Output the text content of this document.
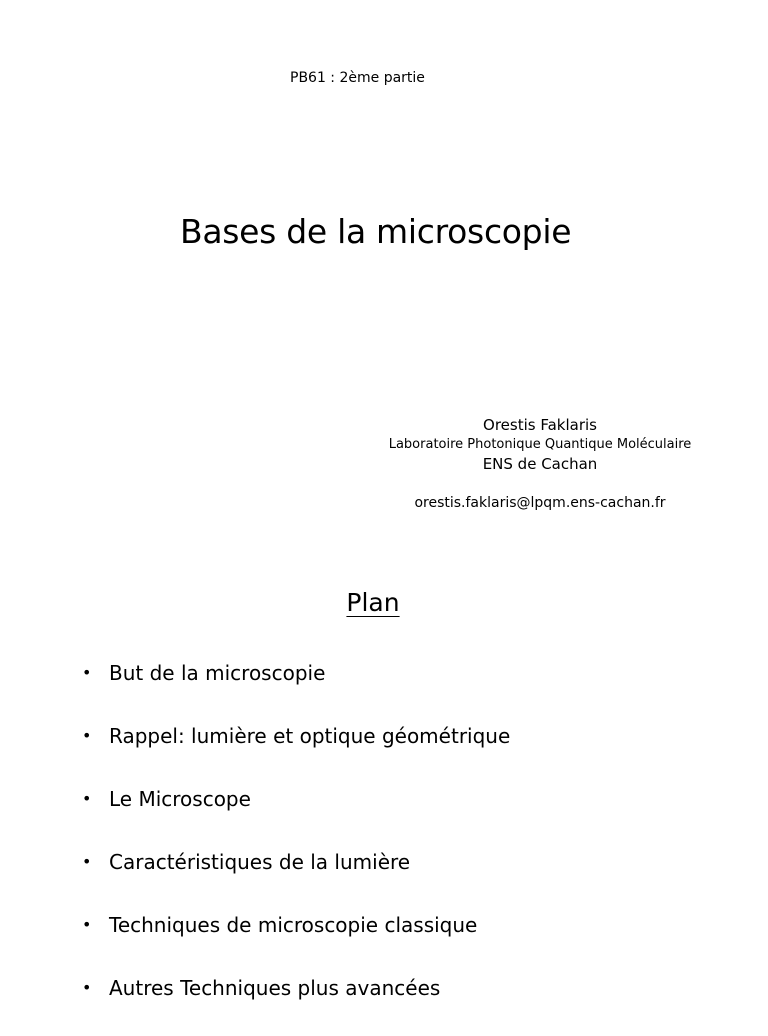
PB61 : 2ème partie
Bases de la microscopie
Orestis Faklaris
Laboratoire Photonique Quantique Moléculaire
ENS de Cachan
orestis.faklaris@lpqm.ens-cachan.fr
Plan
• But de la microscopie
• Rappel: lumière et optique géométrique
• Le Microscope
• Caractéristiques de la lumière
• Techniques de microscopie classique
• Autres Techniques plus avancées
